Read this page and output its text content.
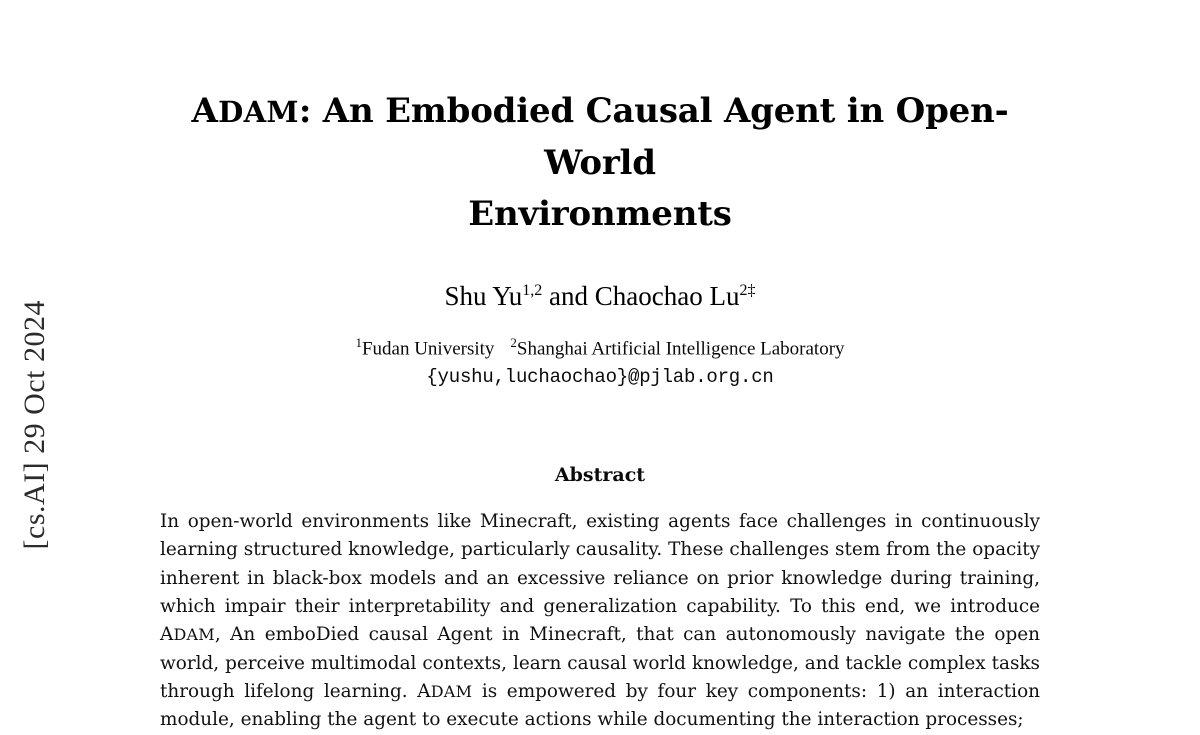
[cs.AI] 29 Oct 2024
ADAM: An Embodied Causal Agent in Open-World
Environments
Shu Yu$^{1,2}$ and Chaochao $Lu^{2\ddagger}$
$^1$Fudan University $^2$Shanghai Artificial Intelligence Laboratory
{yushu,luchaochao}@pjlab.org.cn
Abstract
In open-world environments like Minecraft, existing agents face challenges in continuously learning structured knowledge, particularly causality. These challenges stem from the opacity inherent in black-box models and an excessive reliance on prior knowledge during training, which impair their interpretability and generalization capability. To this end, we introduce ADAM, An emboDied causal Agent in Minecraft, that can autonomously navigate the open world, perceive multimodal contexts, learn causal world knowledge, and tackle complex tasks through lifelong learning. ADAM is empowered by four key components: 1) an interaction module, enabling the agent to execute actions while documenting the interaction processes;
